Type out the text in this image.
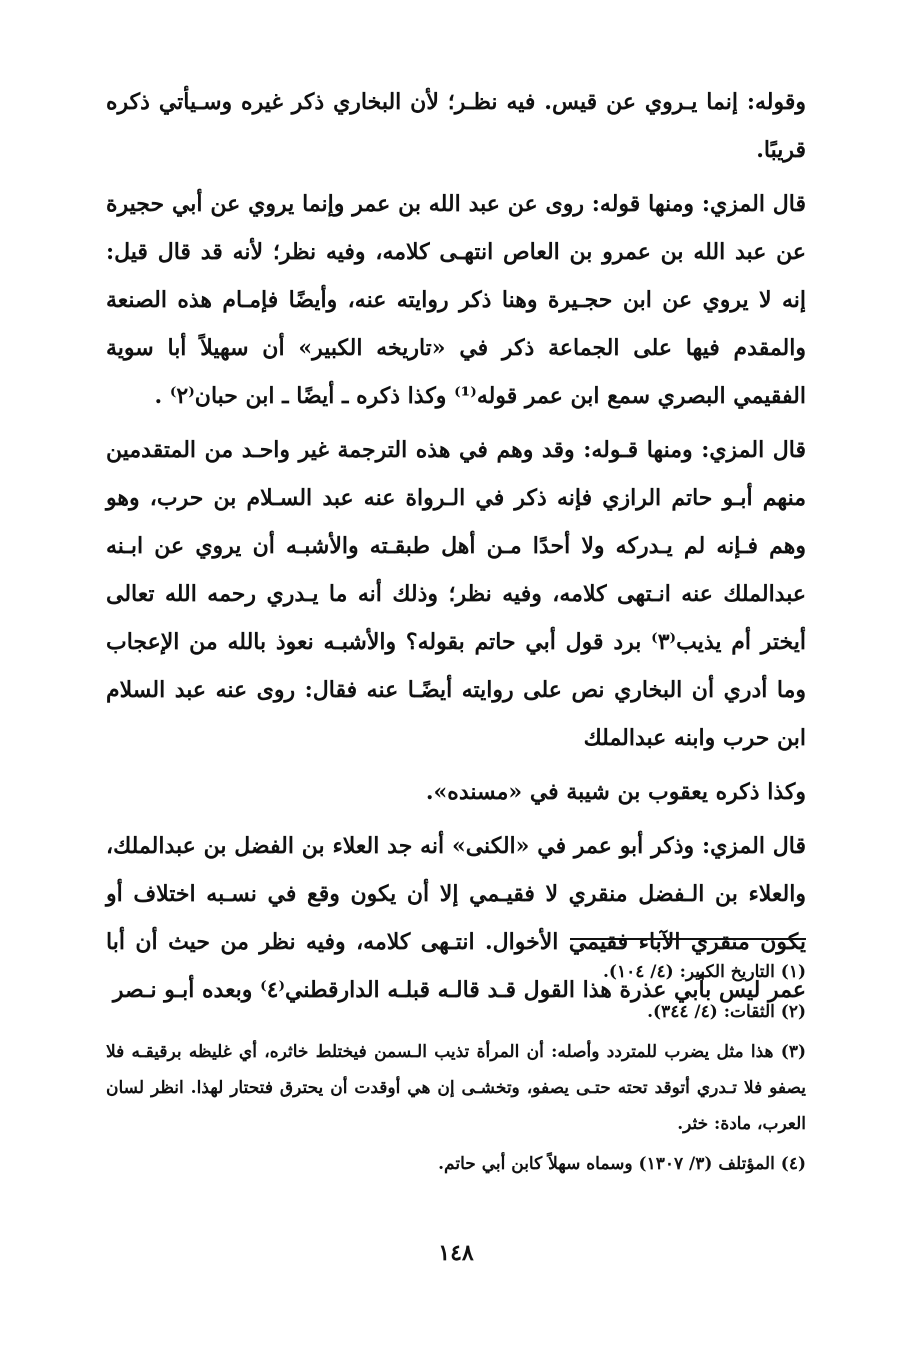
وقوله: إنما يـروي عن قيس. فيه نظـر؛ لأن البخاري ذكر غيره وسـيأتي ذكره قريبًا.

قال المزي: ومنها قوله: روى عن عبد الله بن عمر وإنما يروي عن أبي حجيرة عن عبد الله بن عمرو بن العاص انتهـى كلامه، وفيه نظر؛ لأنه قد قال قيل: إنه لا يروي عن ابن حجـيرة وهنا ذكر روايته عنه، وأيضًا فإمـام هذه الصنعة والمقدم فيها على الجماعة ذكر في «تاريخه الكبير» أن سهيلاً أبا سوية الفقيمي البصري سمع ابن عمر قوله⁽¹⁾ وكذا ذكره ـ أيضًا ـ ابن حبان⁽٢⁾ .

قال المزي: ومنها قـوله: وقد وهم في هذه الترجمة غير واحـد من المتقدمين منهم أبـو حاتم الرازي فإنه ذكر في الـرواة عنه عبد السـلام بن حرب، وهو وهم فـإنه لم يـدركه ولا أحدًا مـن أهل طبقـته والأشبـه أن يروي عن ابـنه عبدالملك عنه انـتهى كلامه، وفيه نظر؛ وذلك أنه ما يـدري رحمه الله تعالى أيختر أم يذيب⁽٣⁾ برد قول أبي حاتم بقوله؟ والأشبـه نعوذ بالله من الإعجاب وما أدري أن البخاري نص على روايته أيضًـا عنه فقال: روى عنه عبد السلام ابن حرب وابنه عبدالملك

وكذا ذكره يعقوب بن شيبة في «مسنده».

قال المزي: وذكر أبو عمر في «الكنى» أنه جد العلاء بن الفضل بن عبدالملك، والعلاء بن الـفضل منقري لا فقيـمي إلا أن يكون وقع في نسـبه اختلاف أو يكون منقري الآباء فقيمي الأخوال. انتـهى كلامه، وفيه نظر من حيث أن أبا عمر ليس بأبي عذرة هذا القول قـد قالـه قبلـه الدارقطني⁽٤⁾ وبعده أبـو نـصر

(١) التاريخ الكبير: (٤/ ١٠٤).

(٢) الثقات: (٤/ ٣٤٤).

(٣) هذا مثل يضرب للمتردد وأصله: أن المرأة تذيب الـسمن فيختلط خاثره، أي غليظه برقيقـه فلا يصفو فلا تـدري أتوقد تحته حتـى يصفو، وتخشـى إن هي أوقدت أن يحترق فتحتار لهذا. انظر لسان العرب، مادة: خثر.

(٤) المؤتلف (٣/ ١٣٠٧) وسماه سهلاً كابن أبي حاتم.

١٤٨
